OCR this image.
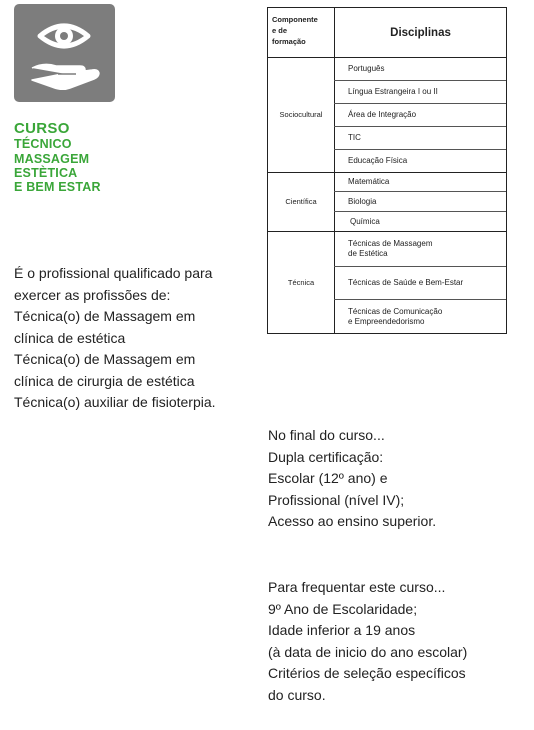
CURSO
TÉCNICO
MASSAGEM
ESTÈTICA
E BEM ESTAR
É o profissional qualificado para
exercer as profissões de:
Técnica(o) de Massagem em
clínica de estética
Técnica(o) de Massagem em
clínica de cirurgia de estética
Técnica(o) auxiliar de fisioterpia.
Componente
e de
formação
Disciplinas
Sociocultural
Português
Língua Estrangeira I ou II
Área de Integração
TIC
Educação Física
Científica
Matemática
Biologia
Química
Técnica
Técnicas de Massagem
de Estética
Técnicas de Saúde e Bem-Estar
Técnicas de Comunicação
e Empreendedorismo
No final do curso...
Dupla certificação:
Escolar (12º ano) e
Profissional (nível IV);
Acesso ao ensino superior.
Para frequentar este curso...
9º Ano de Escolaridade;
Idade inferior a 19 anos
(à data de inicio do ano escolar)
Critérios de seleção específicos
do curso.
